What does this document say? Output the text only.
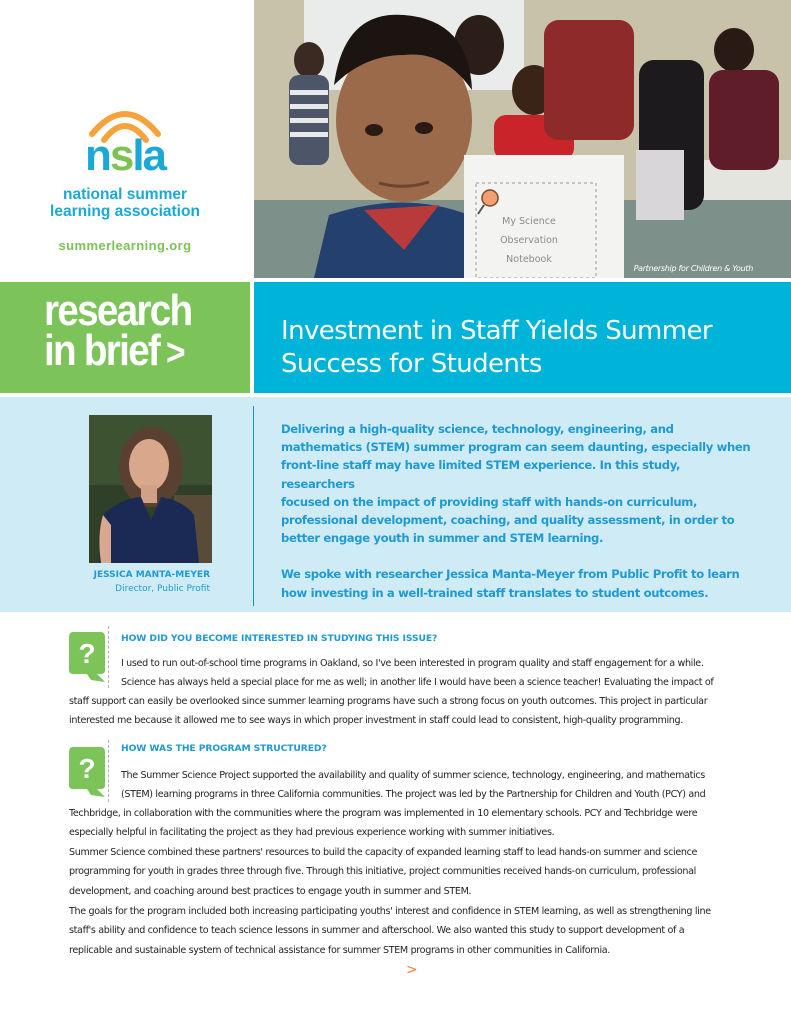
nsla
national summer
learning association
summerlearning.org
My Science
Observation
Notebook
Partnership for Children & Youth
research
in brief >
Investment in Staff Yields Summer
Success for Students
JESSICA MANTA-MEYER
Director, Public Profit

Delivering a high-quality science, technology, engineering, and
mathematics (STEM) summer program can seem daunting, especially when
front-line staff may have limited STEM experience. In this study, researchers
focused on the impact of providing staff with hands-on curriculum,
professional development, coaching, and quality assessment, in order to
better engage youth in summer and STEM learning.

We spoke with researcher Jessica Manta-Meyer from Public Profit to learn
how investing in a well-trained staff translates to student outcomes.

?	HOW DID YOU BECOME INTERESTED IN STUDYING THIS ISSUE?
I used to run out-of-school time programs in Oakland, so I've been interested in program quality and staff engagement for a while.
Science has always held a special place for me as well; in another life I would have been a science teacher! Evaluating the impact of
staff support can easily be overlooked since summer learning programs have such a strong focus on youth outcomes. This project in particular
interested me because it allowed me to see ways in which proper investment in staff could lead to consistent, high-quality programming.
?
HOW WAS THE PROGRAM STRUCTURED?
The Summer Science Project supported the availability and quality of summer science, technology, engineering, and mathematics
(STEM) learning programs in three California communities. The project was led by the Partnership for Children and Youth (PCY) and
Techbridge, in collaboration with the communities where the program was implemented in 10 elementary schools. PCY and Techbridge were
especially helpful in facilitating the project as they had previous experience working with summer initiatives.
Summer Science combined these partners' resources to build the capacity of expanded learning staff to lead hands-on summer and science
programming for youth in grades three through five. Through this initiative, project communities received hands-on curriculum, professional
development, and coaching around best practices to engage youth in summer and STEM.
The goals for the program included both increasing participating youths' interest and confidence in STEM learning, as well as strengthening line
staff's ability and confidence to teach science lessons in summer and afterschool. We also wanted this study to support development of a
replicable and sustainable system of technical assistance for summer STEM programs in other communities in California.
>
